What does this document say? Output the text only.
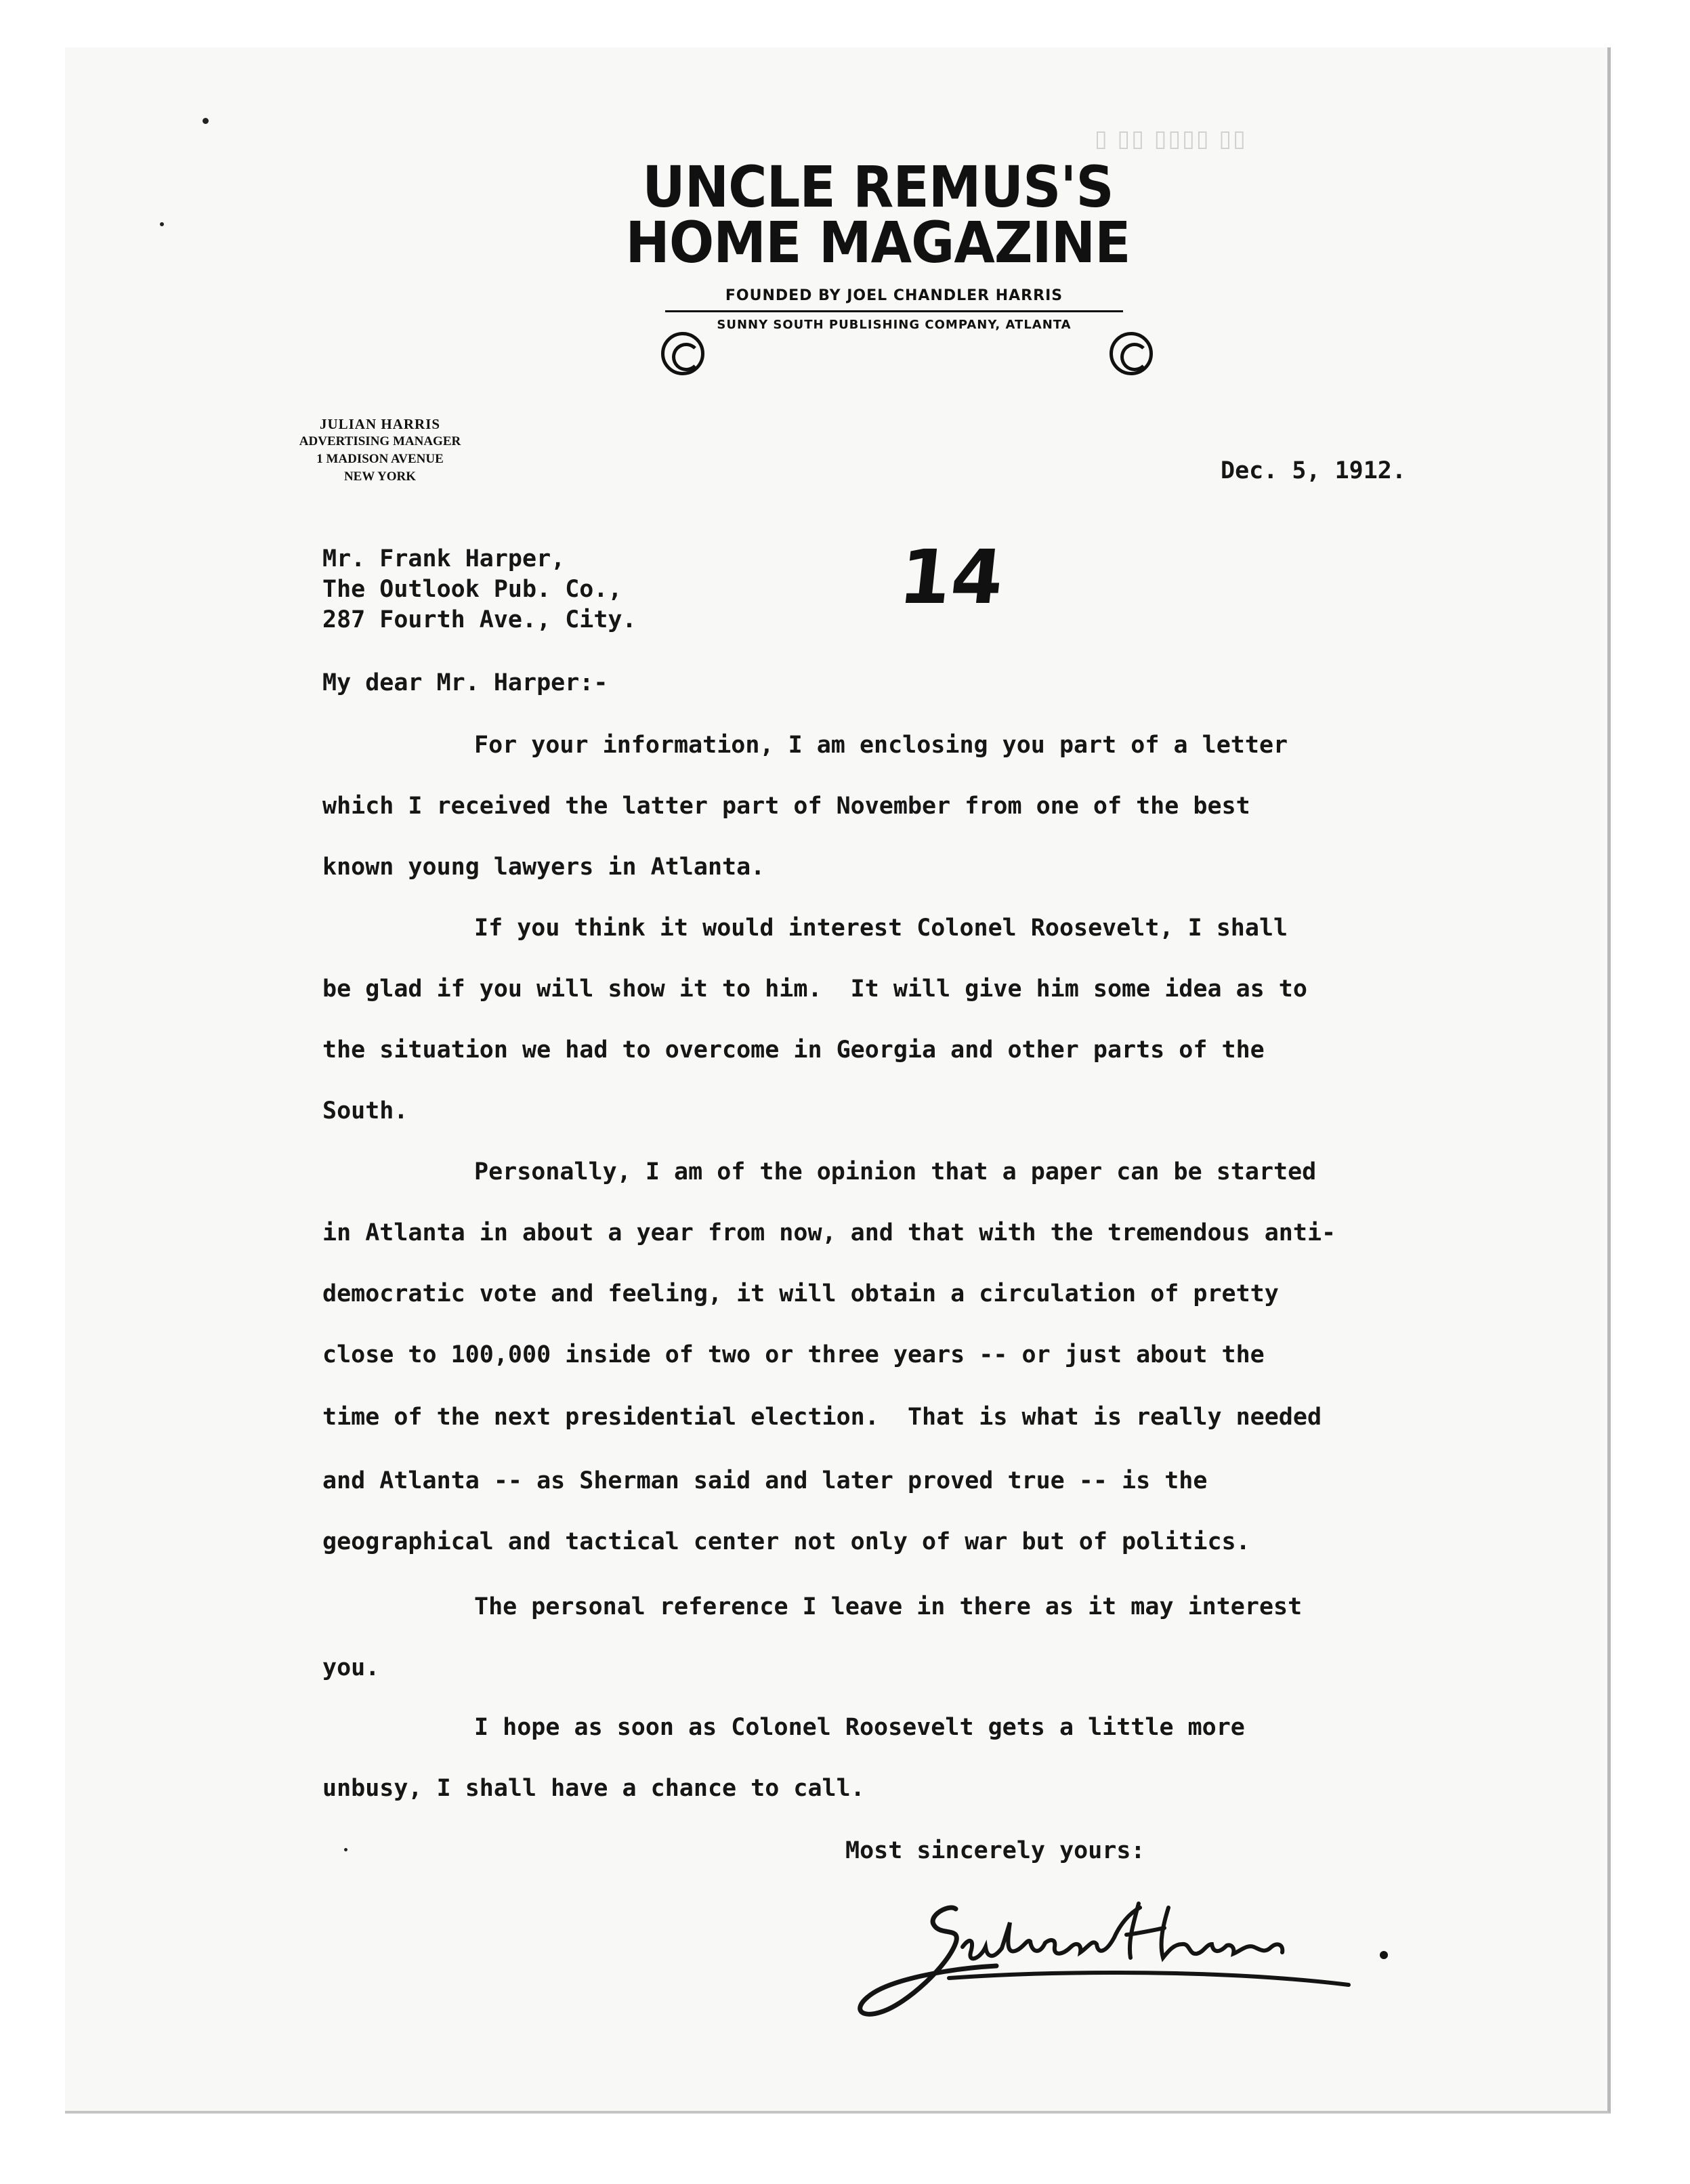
UNCLE REMUS'S
HOME MAGAZINE
FOUNDED BY JOEL CHANDLER HARRIS
SUNNY SOUTH PUBLISHING COMPANY, ATLANTA
JULIAN HARRIS
ADVERTISING MANAGER
1 MADISON AVENUE
NEW YORK	Dec. 5, 1912.
14
Mr. Frank Harper,
The Outlook Pub. Co.,
287 Fourth Ave., City.
My dear Mr. Harper:-
For your information, I am enclosing you part of a letter
which I received the latter part of November from one of the best
known young lawyers in Atlanta.
If you think it would interest Colonel Roosevelt, I shall
be glad if you will show it to him.  It will give him some idea as to
the situation we had to overcome in Georgia and other parts of the
South.
Personally, I am of the opinion that a paper can be started
in Atlanta in about a year from now, and that with the tremendous anti-
democratic vote and feeling, it will obtain a circulation of pretty
close to 100,000 inside of two or three years -- or just about the
time of the next presidential election.  That is what is really needed
and Atlanta -- as Sherman said and later proved true -- is the
geographical and tactical center not only of war but of politics.
The personal reference I leave in there as it may interest
you.
I hope as soon as Colonel Roosevelt gets a little more
unbusy, I shall have a chance to call.
Most sincerely yours:
▯ ▯▯ ▯▯▯▯ ▯▯
